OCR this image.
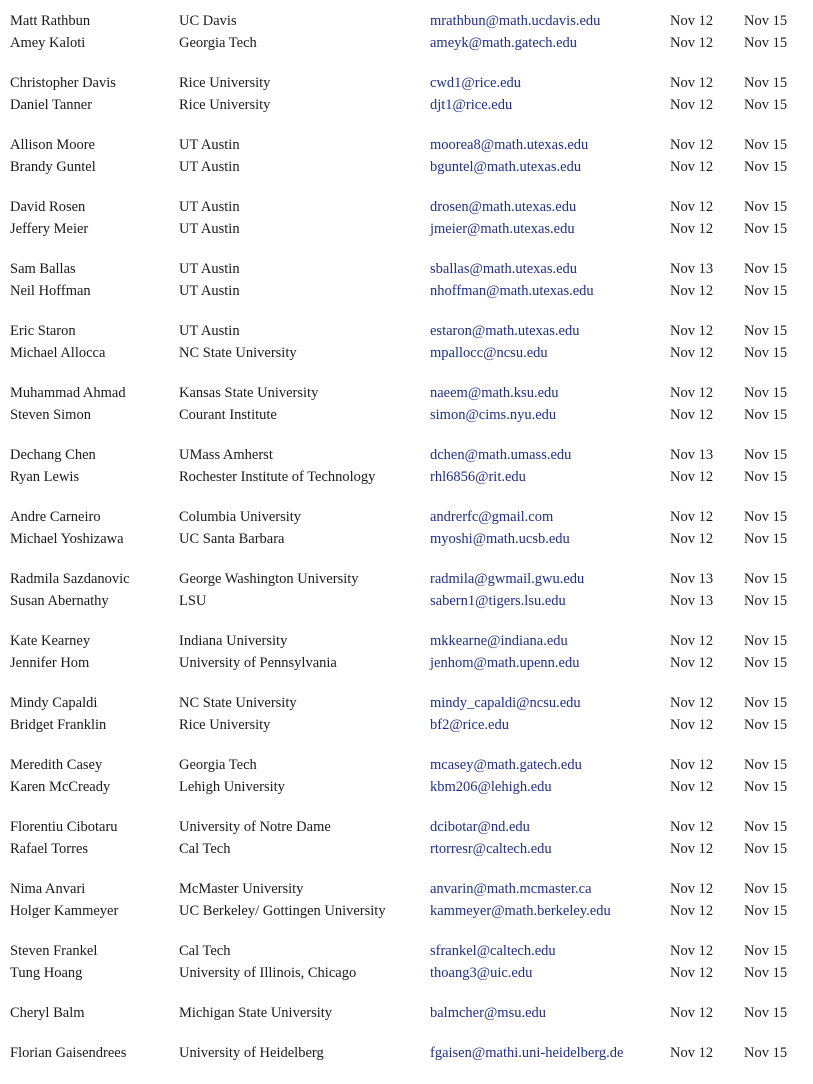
Matt Rathbun	UC Davis	mrathbun@math.ucdavis.edu	Nov 12 Nov 15
Amey Kaloti	Georgia Tech	ameyk@math.gatech.edu	Nov 12 Nov 15
Christopher Davis	Rice University	cwd1@rice.edu	Nov 12 Nov 15
Daniel Tanner	Rice University	djt1@rice.edu	Nov 12 Nov 15
Allison Moore	UT Austin	moorea8@math.utexas.edu	Nov 12 Nov 15
Brandy Guntel	UT Austin	bguntel@math.utexas.edu	Nov 12 Nov 15
David Rosen	UT Austin	drosen@math.utexas.edu	Nov 12 Nov 15
Jeffery Meier	UT Austin	jmeier@math.utexas.edu	Nov 12 Nov 15
Sam Ballas	UT Austin	sballas@math.utexas.edu	Nov 13 Nov 15
Neil Hoffman	UT Austin	nhoffman@math.utexas.edu	Nov 12 Nov 15
Eric Staron	UT Austin	estaron@math.utexas.edu	Nov 12 Nov 15
Michael Allocca	NC State University	mpallocc@ncsu.edu	Nov 12 Nov 15
Muhammad Ahmad	Kansas State University	naeem@math.ksu.edu	Nov 12 Nov 15
Steven Simon	Courant Institute	simon@cims.nyu.edu	Nov 12 Nov 15
Dechang Chen	UMass Amherst	dchen@math.umass.edu	Nov 13 Nov 15
Ryan Lewis	Rochester Institute of Technology	rhl6856@rit.edu	Nov 12 Nov 15
Andre Carneiro	Columbia University	andrerfc@gmail.com	Nov 12 Nov 15
Michael Yoshizawa	UC Santa Barbara	myoshi@math.ucsb.edu	Nov 12 Nov 15
Radmila Sazdanovic	George Washington University	radmila@gwmail.gwu.edu	Nov 13 Nov 15
Susan Abernathy	LSU	sabern1@tigers.lsu.edu	Nov 13 Nov 15
Kate Kearney	Indiana University	mkkearne@indiana.edu	Nov 12 Nov 15
Jennifer Hom	University of Pennsylvania	jenhom@math.upenn.edu	Nov 12 Nov 15
Mindy Capaldi	NC State University	mindy_capaldi@ncsu.edu	Nov 12 Nov 15
Bridget Franklin	Rice University	bf2@rice.edu	Nov 12 Nov 15
Meredith Casey	Georgia Tech	mcasey@math.gatech.edu	Nov 12 Nov 15
Karen McCready	Lehigh University	kbm206@lehigh.edu	Nov 12 Nov 15
Florentiu Cibotaru	University of Notre Dame	dcibotar@nd.edu	Nov 12 Nov 15
Rafael Torres	Cal Tech	rtorresr@caltech.edu	Nov 12 Nov 15
Nima Anvari	McMaster University	anvarin@math.mcmaster.ca	Nov 12 Nov 15
Holger Kammeyer	UC Berkeley/ Gottingen University	kammeyer@math.berkeley.edu	Nov 12 Nov 15
Steven Frankel	Cal Tech	sfrankel@caltech.edu	Nov 12 Nov 15
Tung Hoang	University of Illinois, Chicago	thoang3@uic.edu	Nov 12 Nov 15
Cheryl Balm	Michigan State University	balmcher@msu.edu	Nov 12 Nov 15
Florian Gaisendrees	University of Heidelberg	fgaisen@mathi.uni-heidelberg.de	Nov 12 Nov 15
